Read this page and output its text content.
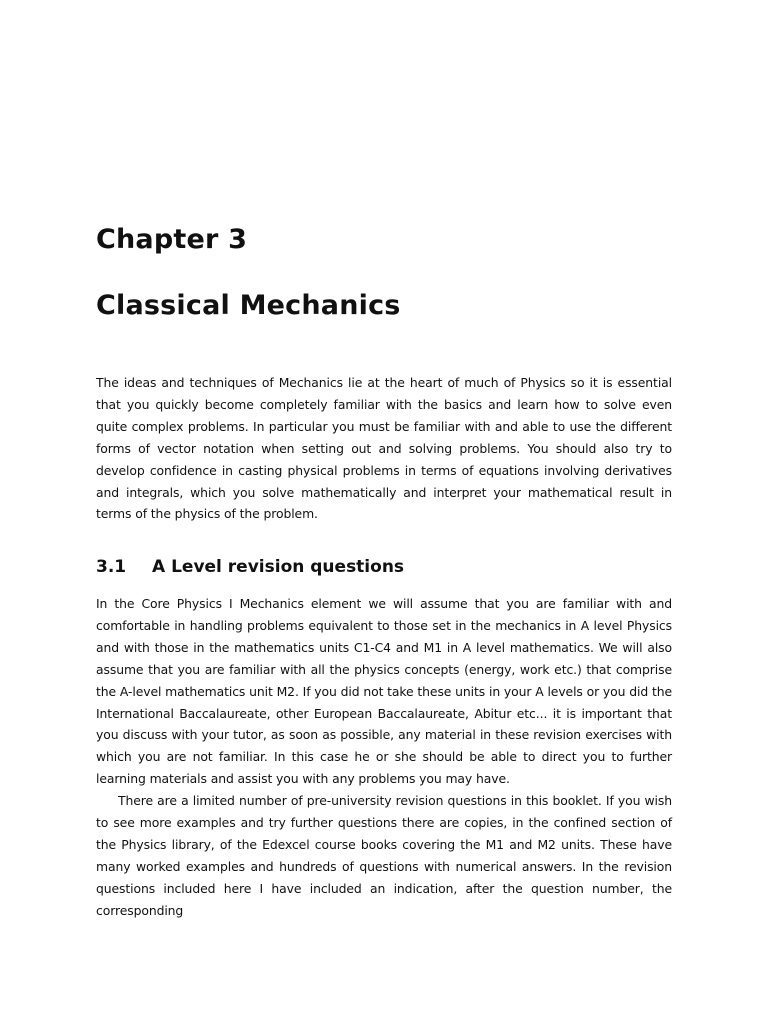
Chapter 3
Classical Mechanics

The ideas and techniques of Mechanics lie at the heart of much of Physics so it is essential that you quickly become completely familiar with the basics and learn how to solve even quite complex problems. In particular you must be familiar with and able to use the different forms of vector notation when setting out and solving problems. You should also try to develop confidence in casting physical problems in terms of equations involving derivatives and integrals, which you solve mathematically and interpret your mathematical result in terms of the physics of the problem.

3.1	A Level revision questions

In the Core Physics I Mechanics element we will assume that you are familiar with and comfortable in handling problems equivalent to those set in the mechanics in A level Physics and with those in the mathematics units C1-C4 and M1 in A level mathematics. We will also assume that you are familiar with all the physics concepts (energy, work etc.) that comprise the A-level mathematics unit M2. If you did not take these units in your A levels or you did the International Baccalaureate, other European Baccalaureate, Abitur etc... it is important that you discuss with your tutor, as soon as possible, any material in these revision exercises with which you are not familiar. In this case he or she should be able to direct you to further learning materials and assist you with any problems you may have.

There are a limited number of pre-university revision questions in this booklet. If you wish to see more examples and try further questions there are copies, in the confined section of the Physics library, of the Edexcel course books covering the M1 and M2 units. These have many worked examples and hundreds of questions with numerical answers. In the revision questions included here I have included an indication, after the question number, the corresponding
